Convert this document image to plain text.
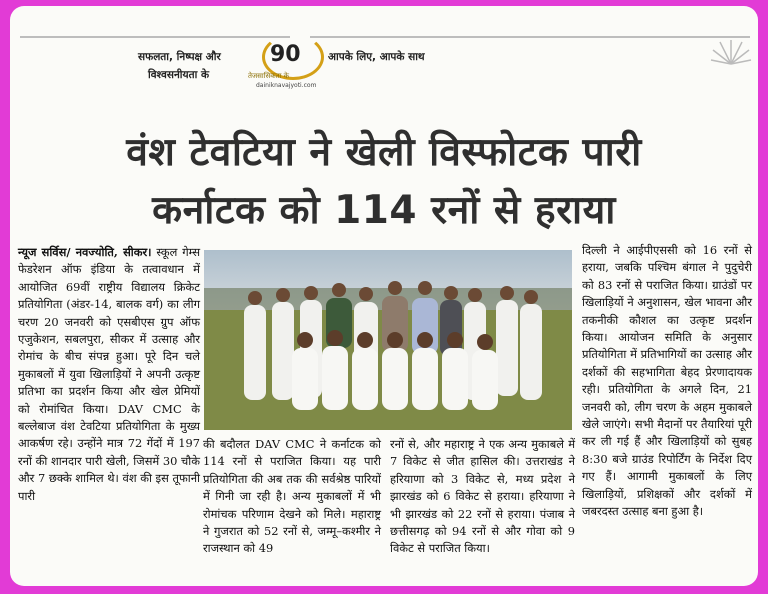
सफलता, निष्पक्ष और
विश्वसनीयता के
आपके लिए, आपके साथ
90
तेजसासिकता के
dainiknavajyoti.com
वंश टेवटिया ने खेली विस्फोटक पारी
कर्नाटक को 114 रनों से हराया

न्यूज सर्विस/ नवज्योति, सीकर। स्कूल गेम्स फेडरेशन ऑफ इंडिया के तत्वावधान में आयोजित 69वीं राष्ट्रीय विद्यालय क्रिकेट प्रतियोगिता (अंडर-14, बालक वर्ग) का लीग चरण 20 जनवरी को एसबीएस ग्रुप ऑफ एजुकेशन, सबलपुरा, सीकर में उत्साह और रोमांच के बीच संपन्न हुआ। पूरे दिन चले मुकाबलों में युवा खिलाड़ियों ने अपनी उत्कृष्ट प्रतिभा का प्रदर्शन किया और खेल प्रेमियों को रोमांचित किया। DAV CMC के बल्लेबाज वंश टेवटिया प्रतियोगिता के मुख्य आकर्षण रहे। उन्होंने मात्र 72 गेंदों में 197 रनों की शानदार पारी खेली, जिसमें 30 चौके और 7 छक्के शामिल थे। वंश की इस तूफानी पारी

की बदौलत DAV CMC ने कर्नाटक को 114 रनों से पराजित किया। यह पारी प्रतियोगिता की अब तक की सर्वश्रेष्ठ पारियों में गिनी जा रही है। अन्य मुकाबलों में भी रोमांचक परिणाम देखने को मिले। महाराष्ट्र ने गुजरात को 52 रनों से, जम्मू–कश्मीर ने राजस्थान को 49

रनों से, और महाराष्ट्र ने एक अन्य मुकाबले में 7 विकेट से जीत हासिल की। उत्तराखंड ने हरियाणा को 3 विकेट से, मध्य प्रदेश ने झारखंड को 6 विकेट से हराया। हरियाणा ने भी झारखंड को 22 रनों से हराया। पंजाब ने छत्तीसगढ़ को 94 रनों से और गोवा को 9 विकेट से पराजित किया।

दिल्ली ने आईपीएससी को 16 रनों से हराया, जबकि पश्चिम बंगाल ने पुदुचेरी को 83 रनों से पराजित किया। ग्राउंडों पर खिलाड़ियों ने अनुशासन, खेल भावना और तकनीकी कौशल का उत्कृष्ट प्रदर्शन किया। आयोजन समिति के अनुसार प्रतियोगिता में प्रतिभागियों का उत्साह और दर्शकों की सहभागिता बेहद प्रेरणादायक रही। प्रतियोगिता के अगले दिन, 21 जनवरी को, लीग चरण के अहम मुकाबले खेले जाएंगे। सभी मैदानों पर तैयारियां पूरी कर ली गई हैं और खिलाड़ियों को सुबह 8:30 बजे ग्राउंड रिपोर्टिंग के निर्देश दिए गए हैं। आगामी मुकाबलों के लिए खिलाड़ियों, प्रशिक्षकों और दर्शकों में जबरदस्त उत्साह बना हुआ है।
